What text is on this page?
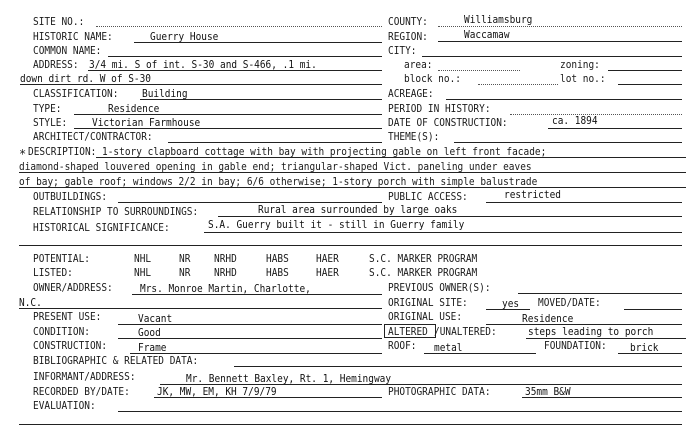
SITE NO.:
HISTORIC NAME:	Guerry House
COMMON NAME:
ADDRESS: 3/4 mi. S of int. S-30 and S-466, .1 mi.
down dirt rd. W of S-30
CLASSIFICATION: Building
TYPE:	Residence
STYLE: Victorian Farmhouse
ARCHITECT/CONTRACTOR:
COUNTY:	Williamsburg
REGION:	Waccamaw
CITY:
area:	zoning:
block no.:	lot no.:
ACREAGE:
PERIOD IN HISTORY:
DATE OF CONSTRUCTION:	ca. 1894
THEME(S):
* DESCRIPTION: 1-story clapboard cottage with bay with projecting gable on left front facade;
diamond-shaped louvered opening in gable end; triangular-shaped Vict. paneling under eaves
of bay; gable roof; windows 2/2 in bay; 6/6 otherwise; 1-story porch with simple balustrade
OUTBUILDINGS:	PUBLIC ACCESS:	restricted
RELATIONSHIP TO SURROUNDINGS:	Rural area surrounded by large oaks
HISTORICAL SIGNIFICANCE:	S.A. Guerry built it - still in Guerry family
POTENTIAL:
LISTED:
NHL	NR NRHD	HABS HAER	S.C. MARKER PROGRAM
NHL	NR NRHD	HABS HAER	S.C. MARKER PROGRAM
OWNER/ADDRESS: Mrs. Monroe Martin, Charlotte,
N.C.
PREVIOUS OWNER(S):
ORIGINAL SITE:	yes MOVED/DATE:
PRESENT USE:	Vacant	ORIGINAL USE:	Residence
CONDITION:	Good	ALTERED /UNALTERED:	steps leading to porch
CONSTRUCTION:	Frame	ROOF: metal	FOUNDATION: brick
BIBLIOGRAPHIC & RELATED DATA:
INFORMANT/ADDRESS:	Mr. Bennett Baxley, Rt. 1, Hemingway
RECORDED BY/DATE: JK, MW, EM, KH 7/9/79	PHOTOGRAPHIC DATA:	35mm B&W
EVALUATION:
